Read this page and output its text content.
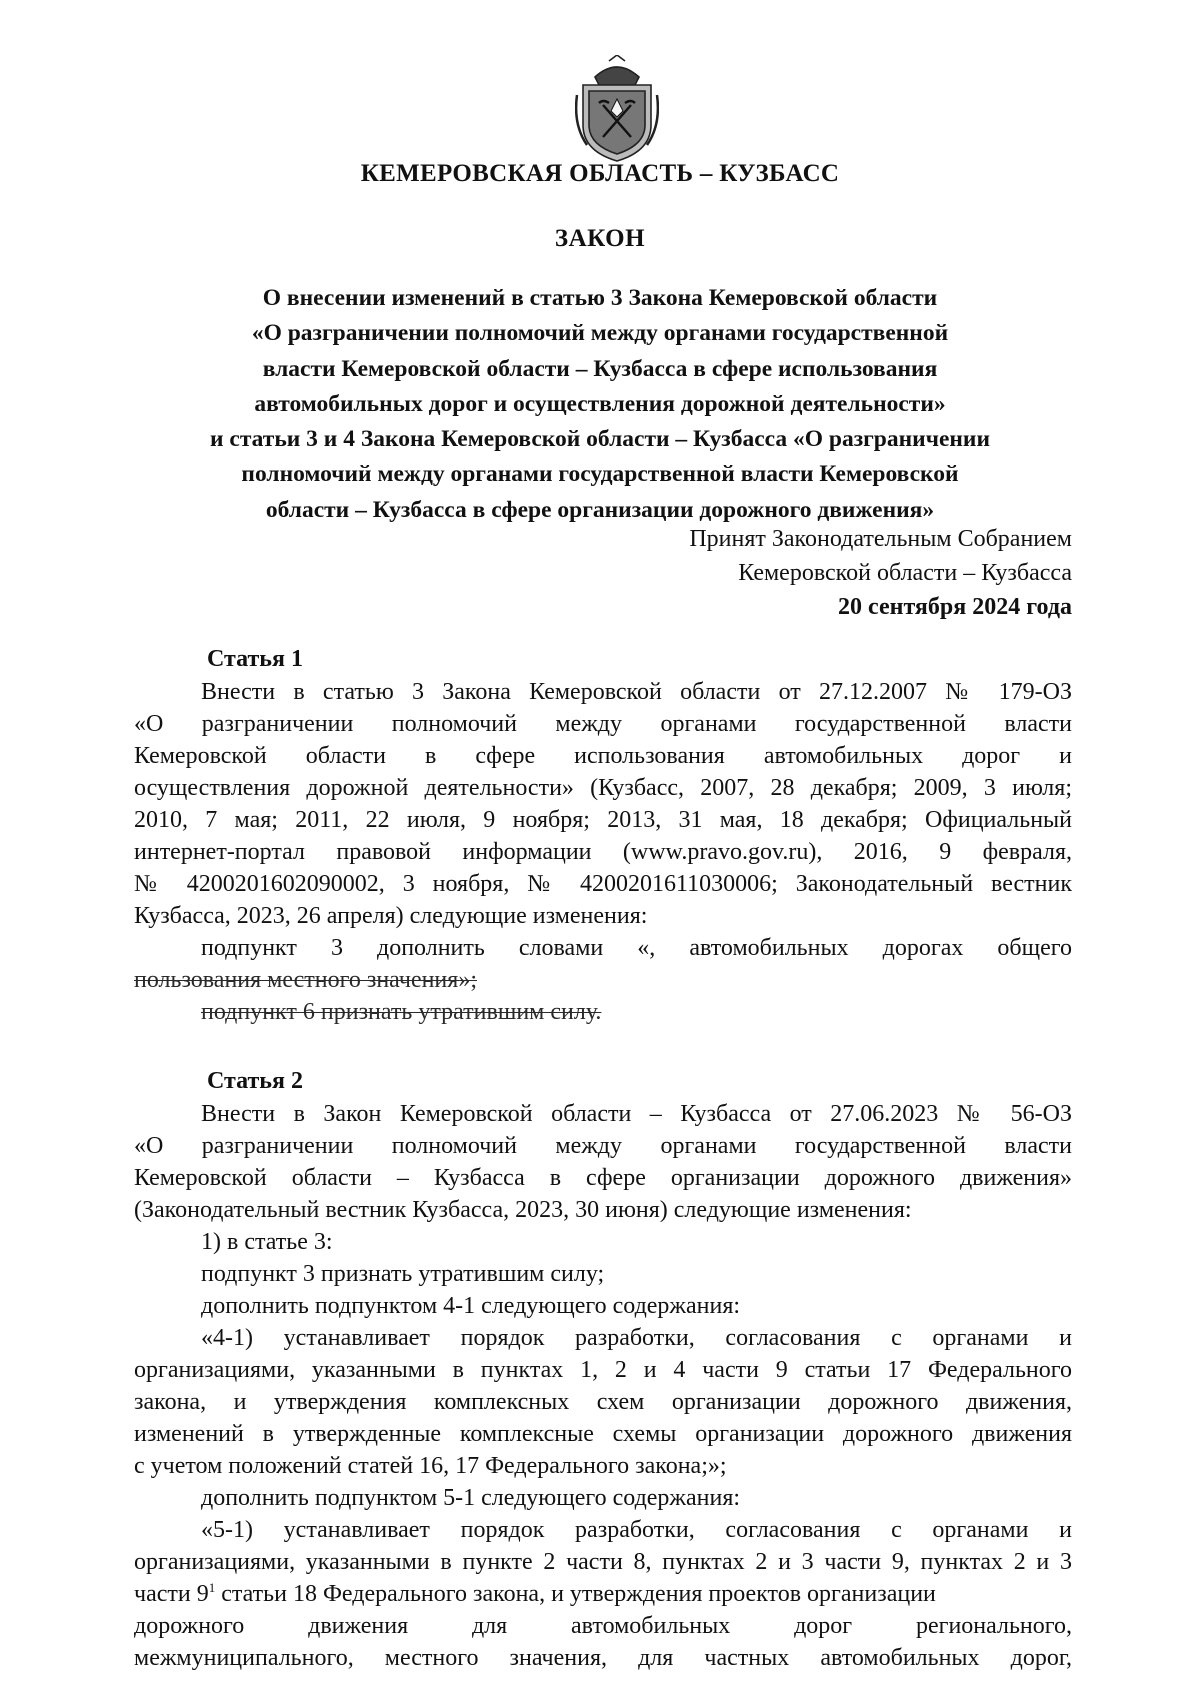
КЕМЕРОВСКАЯ ОБЛАСТЬ – КУЗБАСС
ЗАКОН
О внесении изменений в статью 3 Закона Кемеровской области
«О разграничении полномочий между органами государственной
власти Кемеровской области – Кузбасса в сфере использования
автомобильных дорог и осуществления дорожной деятельности»
и статьи 3 и 4 Закона Кемеровской области – Кузбасса «О разграничении
полномочий между органами государственной власти Кемеровской
области – Кузбасса в сфере организации дорожного движения»
Принят Законодательным Собранием
Кемеровской области – Кузбасса
20 сентября 2024 года
Статья 1
Внести в статью 3 Закона Кемеровской области от 27.12.2007 № 179-ОЗ
«О разграничении полномочий между органами государственной власти
Кемеровской области в сфере использования автомобильных дорог и
осуществления дорожной деятельности» (Кузбасс, 2007, 28 декабря; 2009, 3 июля;
2010, 7 мая; 2011, 22 июля, 9 ноября; 2013, 31 мая, 18 декабря; Официальный
интернет-портал правовой информации (www.pravo.gov.ru), 2016, 9 февраля,
№ 4200201602090002, 3 ноября, № 4200201611030006; Законодательный вестник
Кузбасса, 2023, 26 апреля) следующие изменения:
подпункт 3 дополнить словами «, автомобильных дорогах общего
пользования местного значения»;
подпункт 6 признать утратившим силу.
Статья 2
Внести в Закон Кемеровской области – Кузбасса от 27.06.2023 № 56-ОЗ
«О разграничении полномочий между органами государственной власти
Кемеровской области – Кузбасса в сфере организации дорожного движения»
(Законодательный вестник Кузбасса, 2023, 30 июня) следующие изменения:
1) в статье 3:
подпункт 3 признать утратившим силу;
дополнить подпунктом 4-1 следующего содержания:
«4-1) устанавливает порядок разработки, согласования с органами и
организациями, указанными в пунктах 1, 2 и 4 части 9 статьи 17 Федерального
закона, и утверждения комплексных схем организации дорожного движения,
изменений в утвержденные комплексные схемы организации дорожного движения
с учетом положений статей 16, 17 Федерального закона;»;
дополнить подпунктом 5-1 следующего содержания:
«5-1) устанавливает порядок разработки, согласования с органами и
организациями, указанными в пункте 2 части 8, пунктах 2 и 3 части 9, пунктах 2 и 3
части $9^1$ статьи 18 Федерального закона, и утверждения проектов организации
дорожного движения для автомобильных дорог регионального,
межмуниципального, местного значения, для частных автомобильных дорог,
